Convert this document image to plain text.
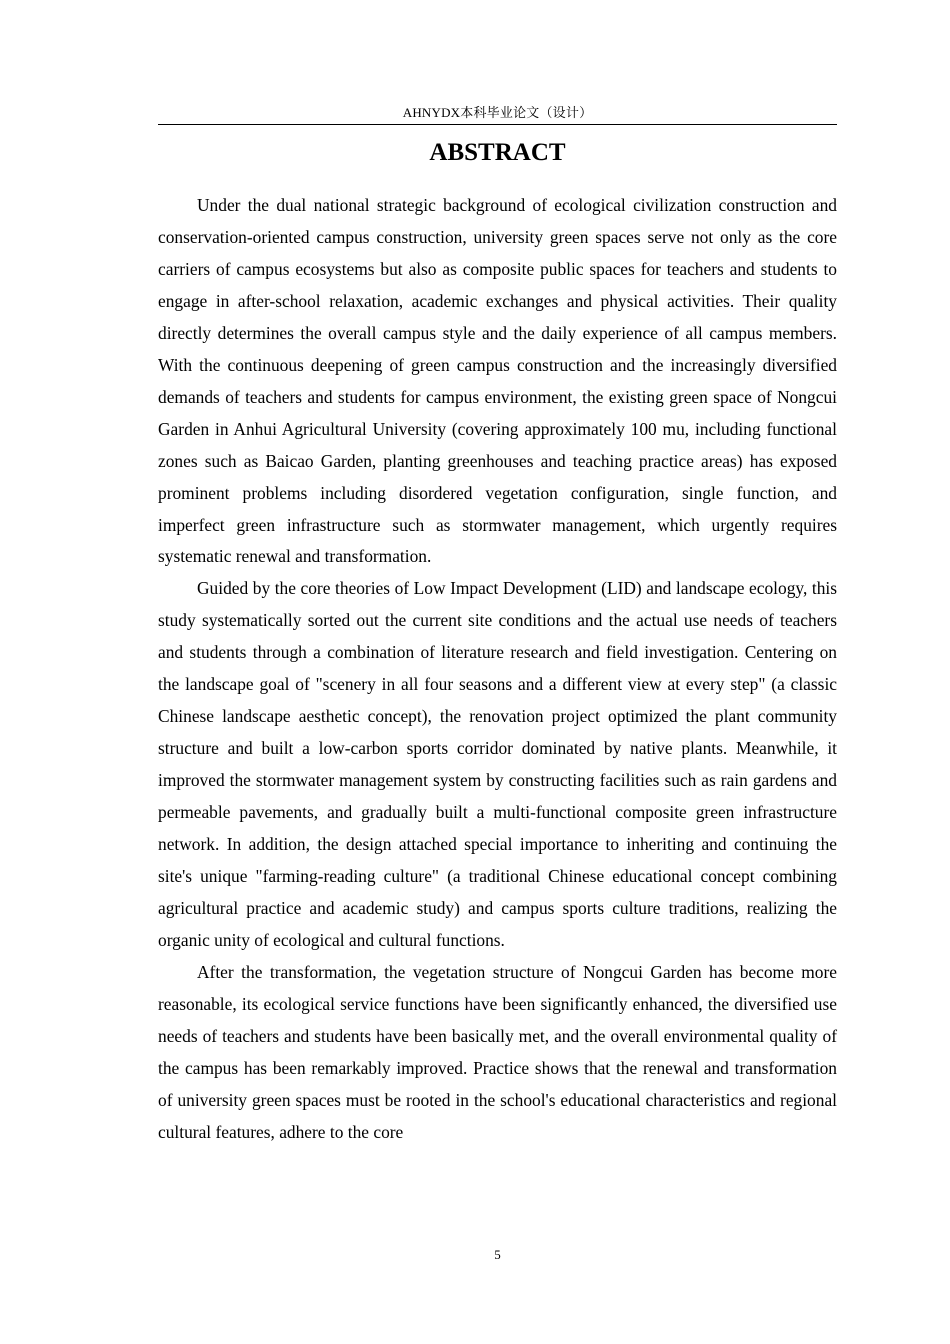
AHNYDX本科毕业论文（设计）
ABSTRACT

Under the dual national strategic background of ecological civilization construction and conservation-oriented campus construction, university green spaces serve not only as the core carriers of campus ecosystems but also as composite public spaces for teachers and students to engage in after-school relaxation, academic exchanges and physical activities. Their quality directly determines the overall campus style and the daily experience of all campus members. With the continuous deepening of green campus construction and the increasingly diversified demands of teachers and students for campus environment, the existing green space of Nongcui Garden in Anhui Agricultural University (covering approximately 100 mu, including functional zones such as Baicao Garden, planting greenhouses and teaching practice areas) has exposed prominent problems including disordered vegetation configuration, single function, and imperfect green infrastructure such as stormwater management, which urgently requires systematic renewal and transformation.

Guided by the core theories of Low Impact Development (LID) and landscape ecology, this study systematically sorted out the current site conditions and the actual use needs of teachers and students through a combination of literature research and field investigation. Centering on the landscape goal of "scenery in all four seasons and a different view at every step" (a classic Chinese landscape aesthetic concept), the renovation project optimized the plant community structure and built a low-carbon sports corridor dominated by native plants. Meanwhile, it improved the stormwater management system by constructing facilities such as rain gardens and permeable pavements, and gradually built a multi-functional composite green infrastructure network. In addition, the design attached special importance to inheriting and continuing the site's unique "farming-reading culture" (a traditional Chinese educational concept combining agricultural practice and academic study) and campus sports culture traditions, realizing the organic unity of ecological and cultural functions.

After the transformation, the vegetation structure of Nongcui Garden has become more reasonable, its ecological service functions have been significantly enhanced, the diversified use needs of teachers and students have been basically met, and the overall environmental quality of the campus has been remarkably improved. Practice shows that the renewal and transformation of university green spaces must be rooted in the school's educational characteristics and regional cultural features, adhere to the core

5
